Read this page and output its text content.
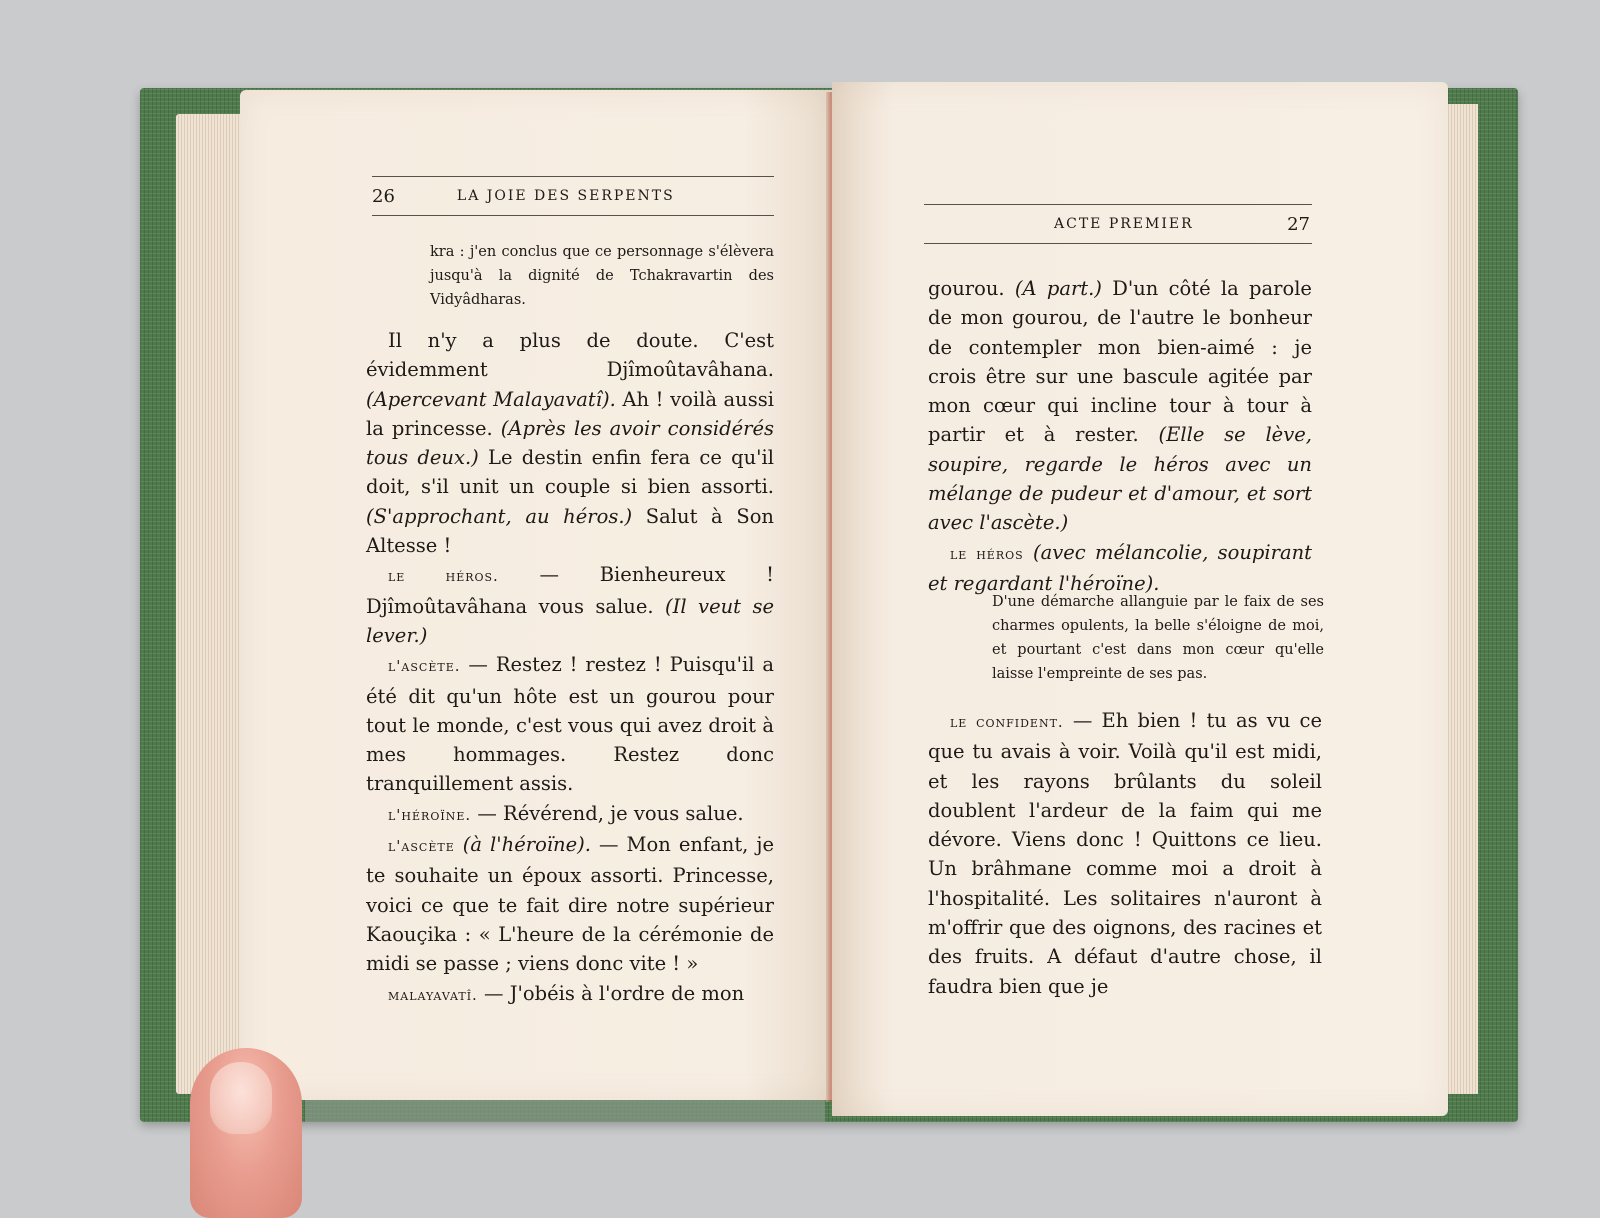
26	LA JOIE DES SERPENTS

kra : j'en conclus que ce personnage s'élèvera jusqu'à la dignité de Tchakravartin des Vidyâdharas.

Il n'y a plus de doute. C'est évidemment Djîmoûtavâhana. (Apercevant Malayavatî). Ah ! voilà aussi la princesse. (Après les avoir considérés tous deux.) Le destin enfin fera ce qu'il doit, s'il unit un couple si bien assorti. (S'approchant, au héros.) Salut à Son Altesse !

le héros. — Bienheureux ! Djîmoûtavâhana vous salue. (Il veut se lever.)

l'ascète. — Restez ! restez ! Puisqu'il a été dit qu'un hôte est un gourou pour tout le monde, c'est vous qui avez droit à mes hommages. Restez donc tranquillement assis.

l'héroïne. — Révérend, je vous salue.

l'ascète (à l'héroïne). — Mon enfant, je te souhaite un époux assorti. Princesse, voici ce que te fait dire notre supérieur Kaouçika : « L'heure de la cérémonie de midi se passe ; viens donc vite ! »

malayavatî. — J'obéis à l'ordre de mon

ACTE PREMIER	27

gourou. (A part.) D'un côté la parole de mon gourou, de l'autre le bonheur de contempler mon bien-aimé : je crois être sur une bascule agitée par mon cœur qui incline tour à tour à partir et à rester. (Elle se lève, soupire, regarde le héros avec un mélange de pudeur et d'amour, et sort avec l'ascète.)

le héros (avec mélancolie, soupirant et regardant l'héroïne).

D'une démarche allanguie par le faix de ses charmes opulents, la belle s'éloigne de moi, et pourtant c'est dans mon cœur qu'elle laisse l'empreinte de ses pas.

le confident. — Eh bien ! tu as vu ce que tu avais à voir. Voilà qu'il est midi, et les rayons brûlants du soleil doublent l'ardeur de la faim qui me dévore. Viens donc ! Quittons ce lieu. Un brâhmane comme moi a droit à l'hospitalité. Les solitaires n'auront à m'offrir que des oignons, des racines et des fruits. A défaut d'autre chose, il faudra bien que je
